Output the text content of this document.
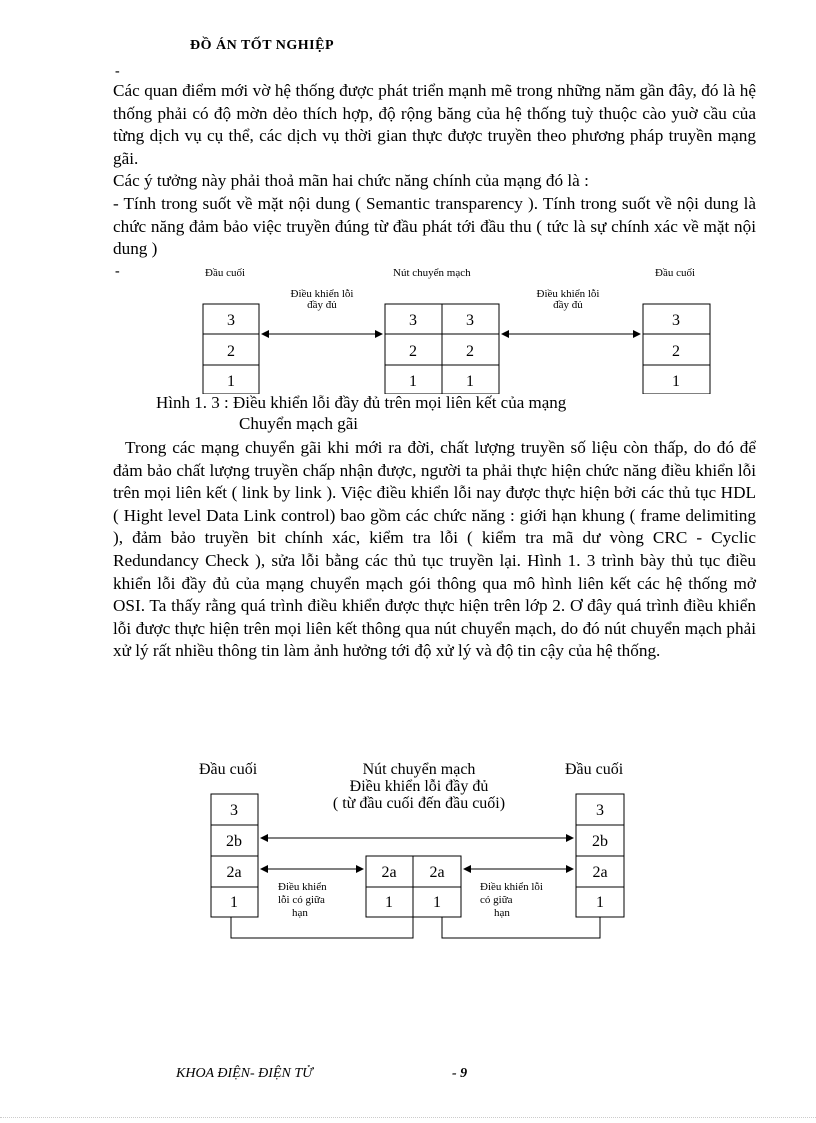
ĐỒ ÁN TỐT NGHIỆP
-

Các quan điểm mới vờ hệ thống được phát triển mạnh mẽ trong những năm gần đây, đó là hệ thống phải có độ mờn dẻo thích hợp, độ rộng băng của hệ thống tuỳ thuộc cào yuờ cầu của từng dịch vụ cụ thể, các dịch vụ thời gian thực được truyền theo phương pháp truyền mạng gãi.

Các ý tưởng này phải thoả mãn hai chức năng chính của mạng đó là :

- Tính trong suốt về mặt nội dung ( Semantic transparency ). Tính trong suốt về nội dung là chức năng đảm bảo việc truyền đúng từ đầu phát tới đầu thu ( tức là sự chính xác về mặt nội dung )

-	Đầu cuối	Nút chuyển mạch	Đầu cuối
Điều khiển lỗi
đầy đủ
Điều khiển lỗi
đầy đủ
3
2
1
3
2
1
3
2
1
3
2
1
Hình 1. 3 : Điều khiển lỗi đầy đủ trên mọi liên kết của mạng
Chuyển mạch gãi
Trong các mạng chuyển gãi khi mới ra đời, chất lượng truyền số liệu còn thấp, do đó để đảm bảo chất lượng truyền chấp nhận được, người ta phải thực hiện chức năng điều khiển lỗi trên mọi liên kết ( link by link ). Việc điều khiển lỗi nay được thực hiện bởi các thủ tục HDL ( Hight level Data Link control) bao gồm các chức năng : giới hạn khung ( frame delimiting ), đảm bảo truyền bit chính xác, kiểm tra lỗi ( kiểm tra mã dư vòng CRC - Cyclic Redundancy Check ), sửa lỗi bằng các thủ tục truyền lại. Hình 1. 3 trình bày thủ tục điều khiển lỗi đầy đủ của mạng chuyển mạch gói thông qua mô hình liên kết các hệ thống mở OSI. Ta thấy rằng quá trình điều khiển được thực hiện trên lớp 2. Ơ đây quá trình điều khiển lỗi được thực hiện trên mọi liên kết thông qua nút chuyển mạch, do đó nút chuyển mạch phải xử lý rất nhiều thông tin làm ảnh hưởng tới độ xử lý và độ tin cậy của hệ thống.
Đầu cuối	Nút chuyển mạch
Điều khiển lỗi đầy đủ
( từ đầu cuối đến đầu cuối)
Đầu cuối
3
2b
2a
1
2a
1
2a
1
3
2b
2a
1
Điều khiển
lỗi có giữa
hạn
Điều khiển lỗi
có giữa
hạn
KHOA ĐIỆN- ĐIỆN TỬ	- 9
